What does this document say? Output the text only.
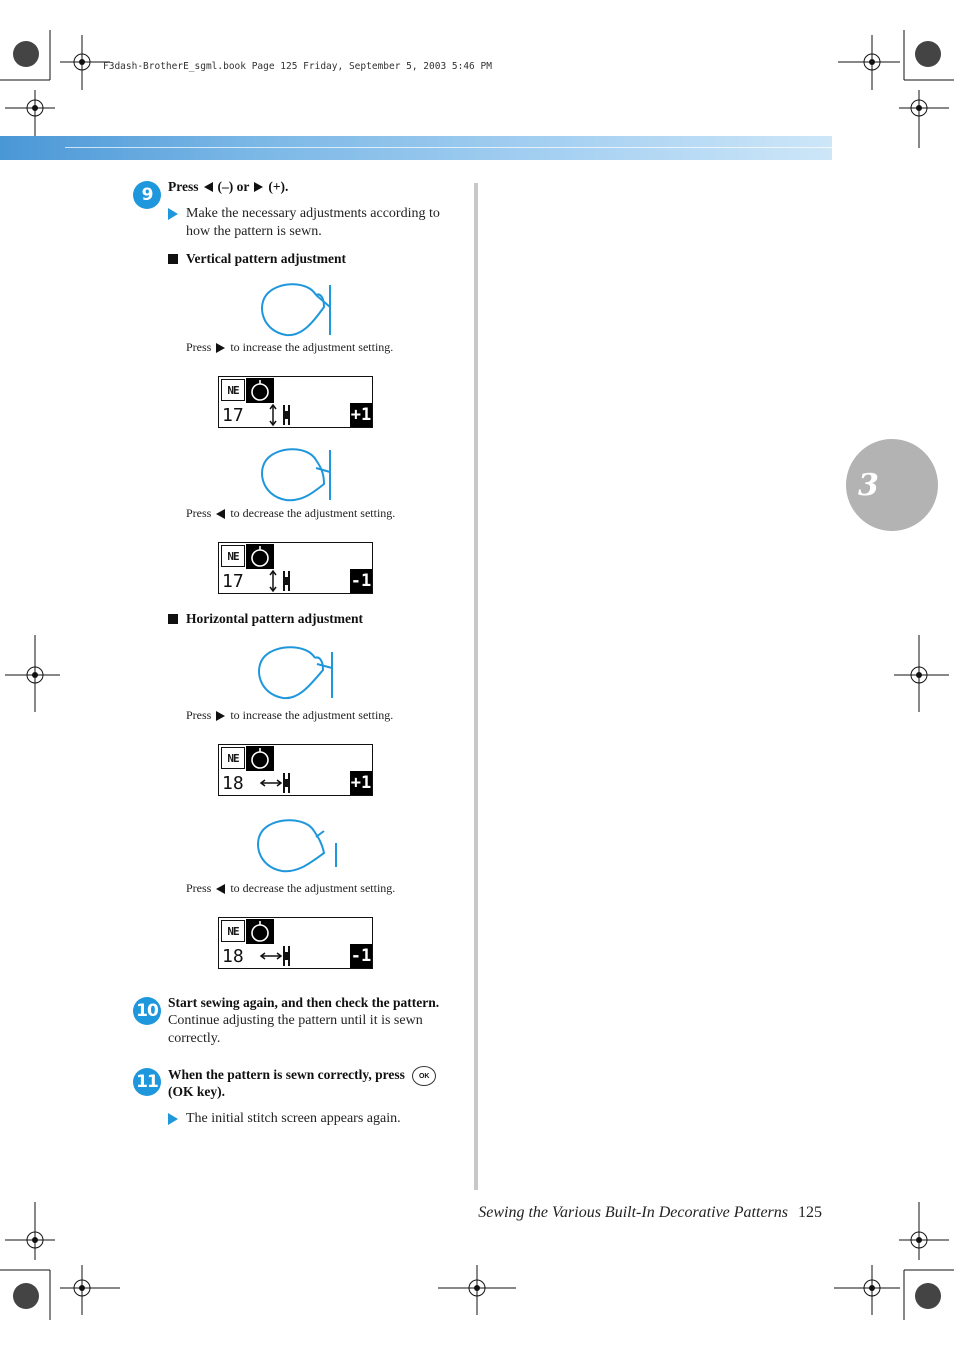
F3dash-BrotherE_sgml.book Page 125 Friday, September 5, 2003 5:46 PM
3
9	Press (–) or (+).
Make the necessary adjustments according to how the pattern is sewn.
Vertical pattern adjustment
Press to increase the adjustment setting.
NE
17	+1
Press to decrease the adjustment setting.
NE
17	-1
Horizontal pattern adjustment
Press to increase the adjustment setting.
NE
18	+1
Press to decrease the adjustment setting.
NE
18	-1
10 Start sewing again, and then check the pattern.
Continue adjusting the pattern until it is sewn correctly.
11 When the pattern is sewn correctly, press OK
(OK key).
The initial stitch screen appears again.
Sewing the Various Built-In Decorative Patterns 125
